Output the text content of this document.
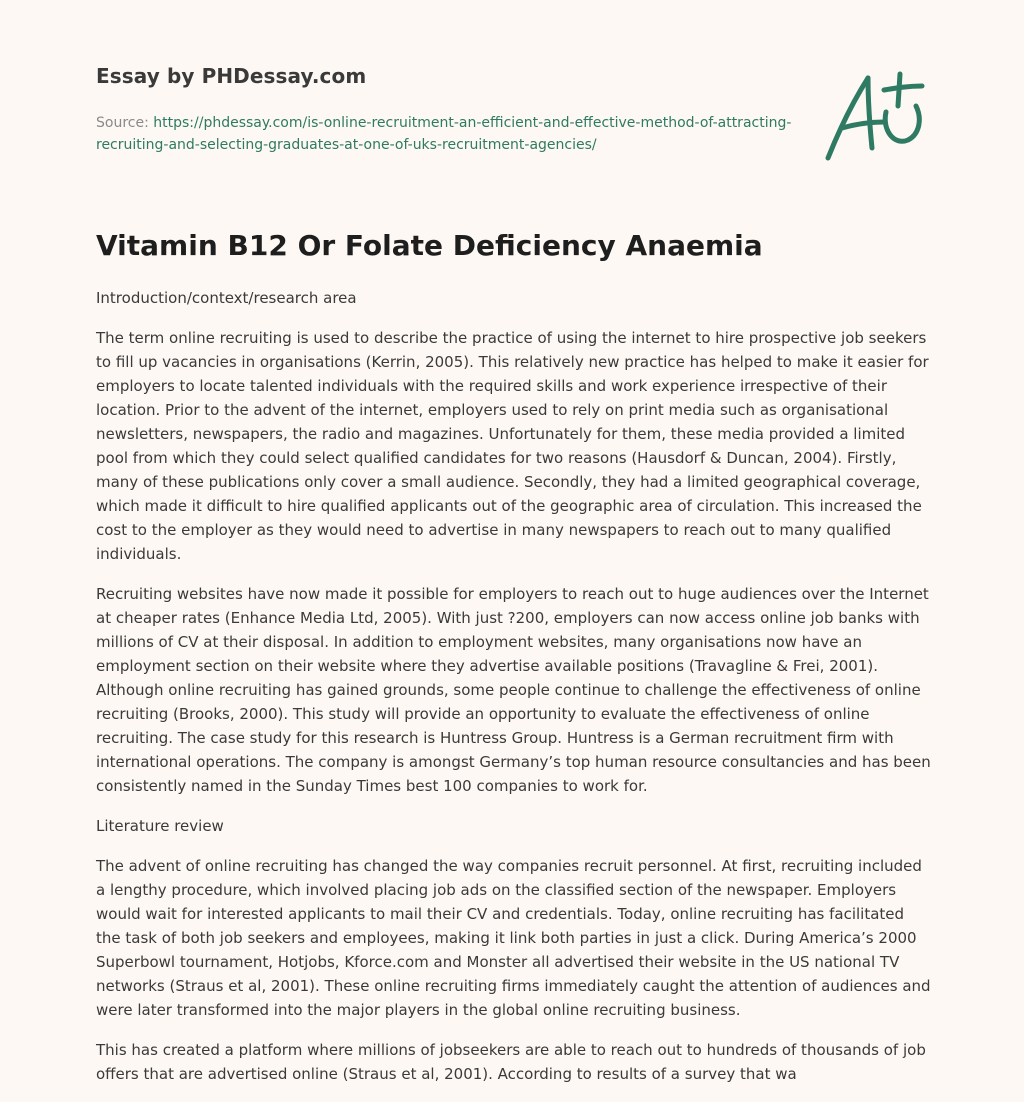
Essay by PHDessay.com
Source: https://phdessay.com/is-online-recruitment-an-efficient-and-effective-method-of-attracting-recruiting-and-selecting-graduates-at-one-of-uks-recruitment-agencies/
Vitamin B12 Or Folate Deficiency Anaemia

Introduction/context/research area

The term online recruiting is used to describe the practice of using the internet to hire prospective job seekers to fill up vacancies in organisations (Kerrin, 2005). This relatively new practice has helped to make it easier for employers to locate talented individuals with the required skills and work experience irrespective of their location. Prior to the advent of the internet, employers used to rely on print media such as organisational newsletters, newspapers, the radio and magazines. Unfortunately for them, these media provided a limited pool from which they could select qualified candidates for two reasons (Hausdorf & Duncan, 2004). Firstly, many of these publications only cover a small audience. Secondly, they had a limited geographical coverage, which made it difficult to hire qualified applicants out of the geographic area of circulation. This increased the cost to the employer as they would need to advertise in many newspapers to reach out to many qualified individuals.

Recruiting websites have now made it possible for employers to reach out to huge audiences over the Internet at cheaper rates (Enhance Media Ltd, 2005). With just ?200, employers can now access online job banks with millions of CV at their disposal. In addition to employment websites, many organisations now have an employment section on their website where they advertise available positions (Travagline & Frei, 2001). Although online recruiting has gained grounds, some people continue to challenge the effectiveness of online recruiting (Brooks, 2000). This study will provide an opportunity to evaluate the effectiveness of online recruiting. The case study for this research is Huntress Group. Huntress is a German recruitment firm with international operations. The company is amongst Germany’s top human resource consultancies and has been consistently named in the Sunday Times best 100 companies to work for.

Literature review

The advent of online recruiting has changed the way companies recruit personnel. At first, recruiting included a lengthy procedure, which involved placing job ads on the classified section of the newspaper. Employers would wait for interested applicants to mail their CV and credentials. Today, online recruiting has facilitated the task of both job seekers and employees, making it link both parties in just a click. During America’s 2000 Superbowl tournament, Hotjobs, Kforce.com and Monster all advertised their website in the US national TV networks (Straus et al, 2001). These online recruiting firms immediately caught the attention of audiences and were later transformed into the major players in the global online recruiting business.

This has created a platform where millions of jobseekers are able to reach out to hundreds of thousands of job offers that are advertised online (Straus et al, 2001). According to results of a survey that wa
